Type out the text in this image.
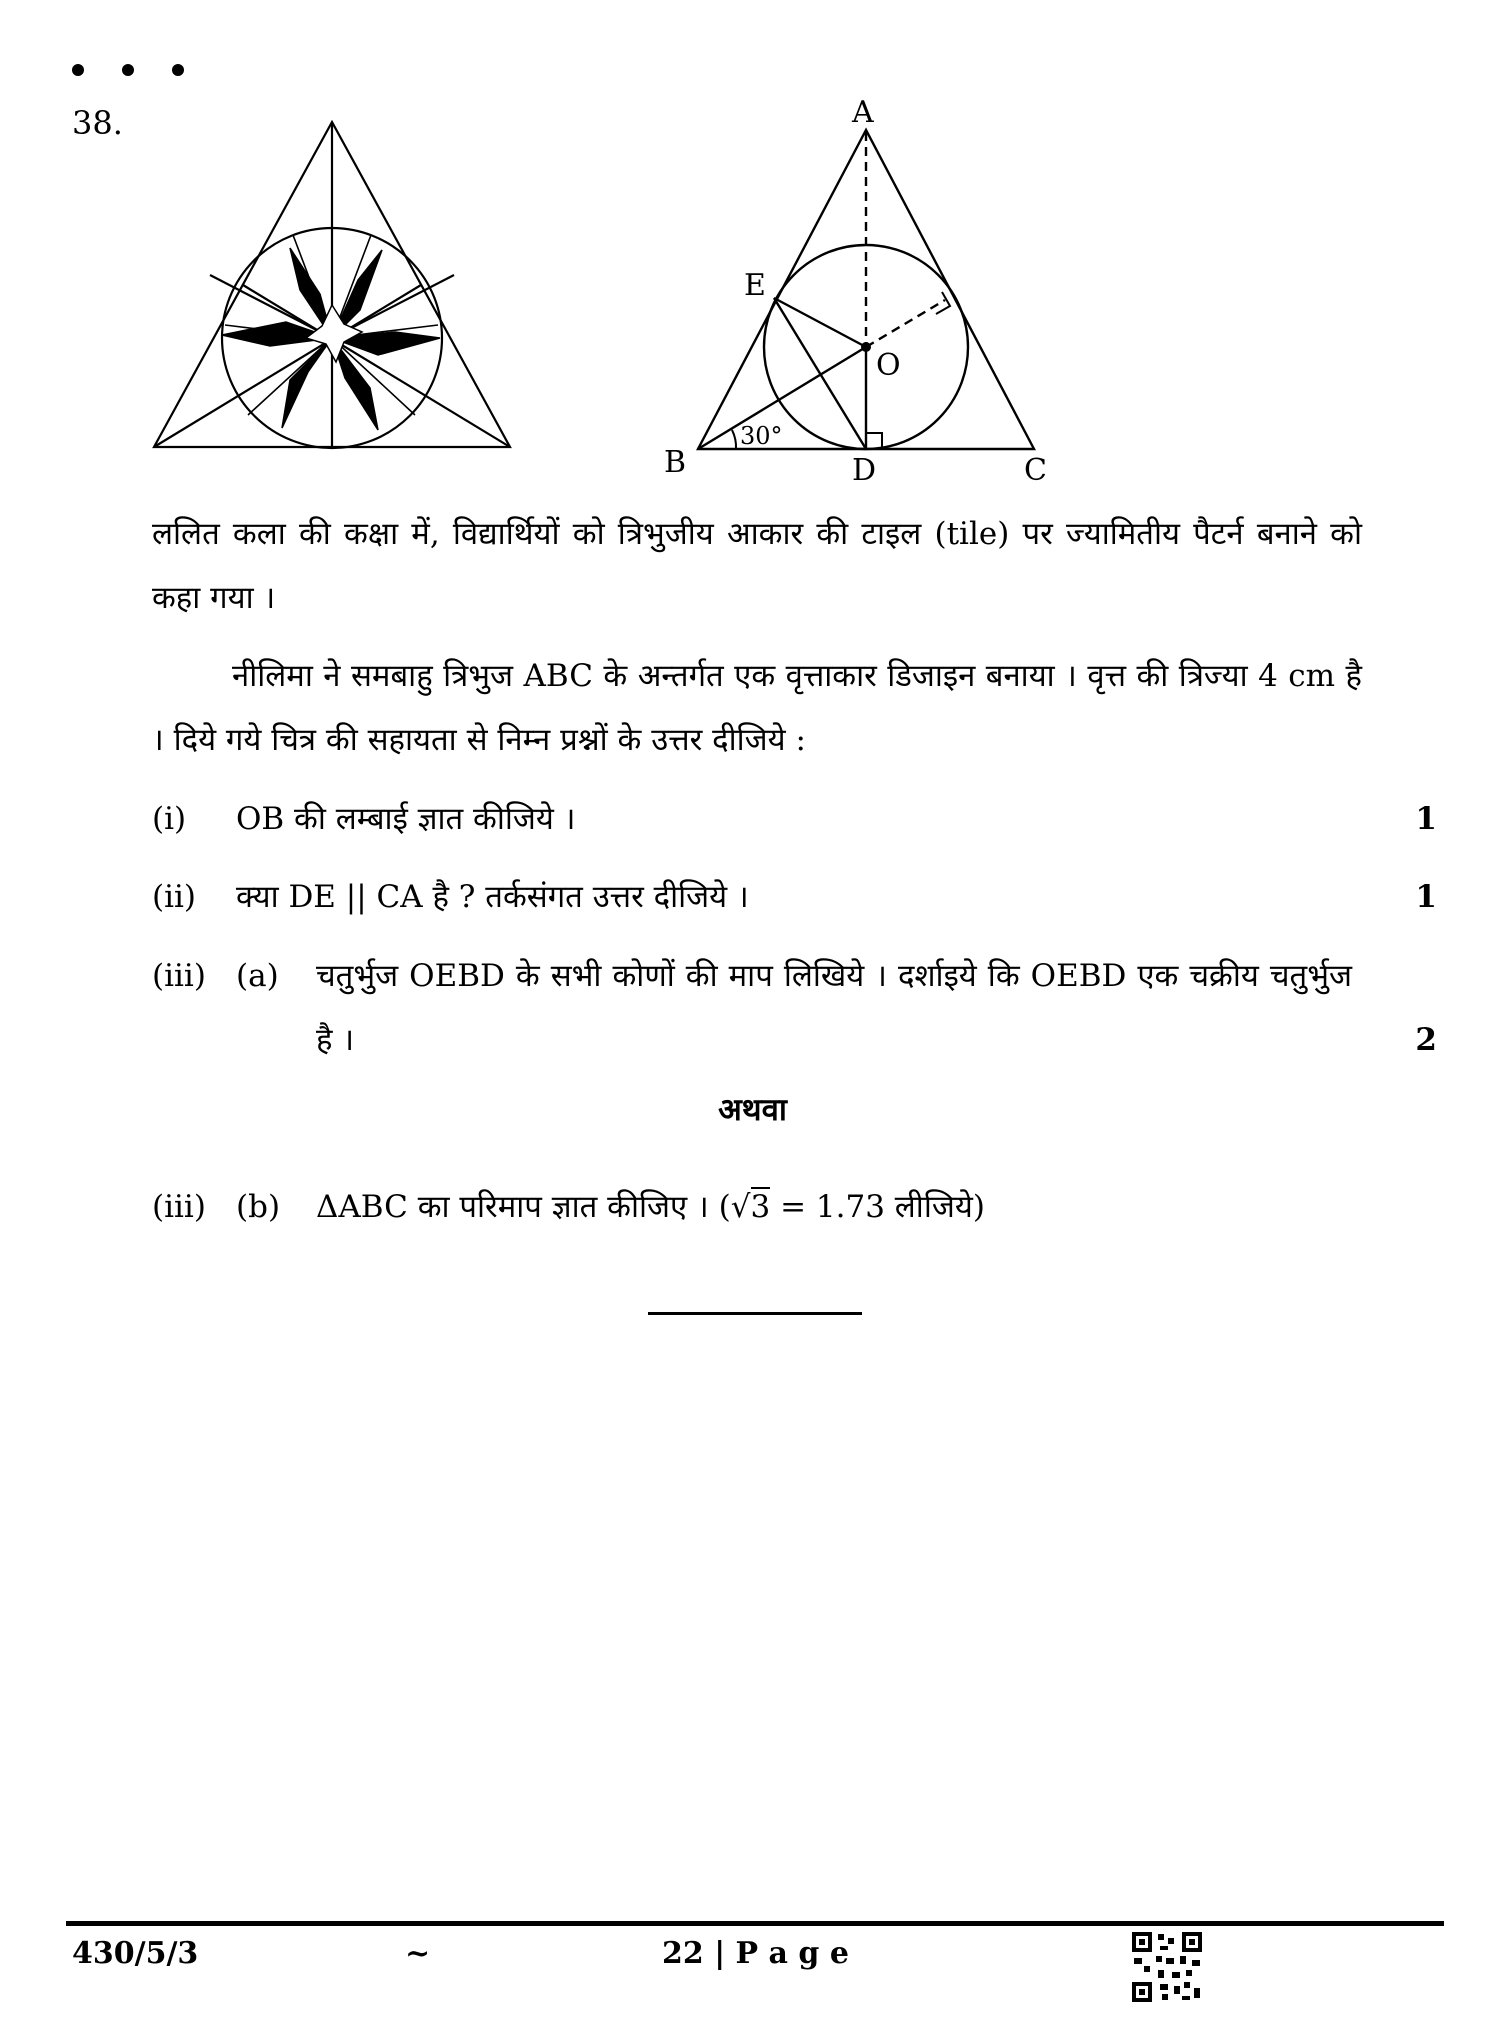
38.	A
E
O
B	D	C
30°
ललित कला की कक्षा में, विद्यार्थियों को त्रिभुजीय आकार की टाइल (tile) पर ज्यामितीय पैटर्न बनाने को कहा गया ।
नीलिमा ने समबाहु त्रिभुज ABC के अन्तर्गत एक वृत्ताकार डिजाइन बनाया । वृत्त की त्रिज्या 4 cm है । दिये गये चित्र की सहायता से निम्न प्रश्नों के उत्तर दीजिये :
(i) OB की लम्बाई ज्ञात कीजिये ।	1
(ii) क्या DE || CA है ? तर्कसंगत उत्तर दीजिये ।	1
(iii) (a) चतुर्भुज OEBD के सभी कोणों की माप लिखिये । दर्शाइये कि OEBD एक चक्रीय चतुर्भुज है ।	2
अथवा
(iii) (b) ΔABC का परिमाप ज्ञात कीजिए । (√3 = 1.73 लीजिये)
430/5/3	~	22 | P a g e
